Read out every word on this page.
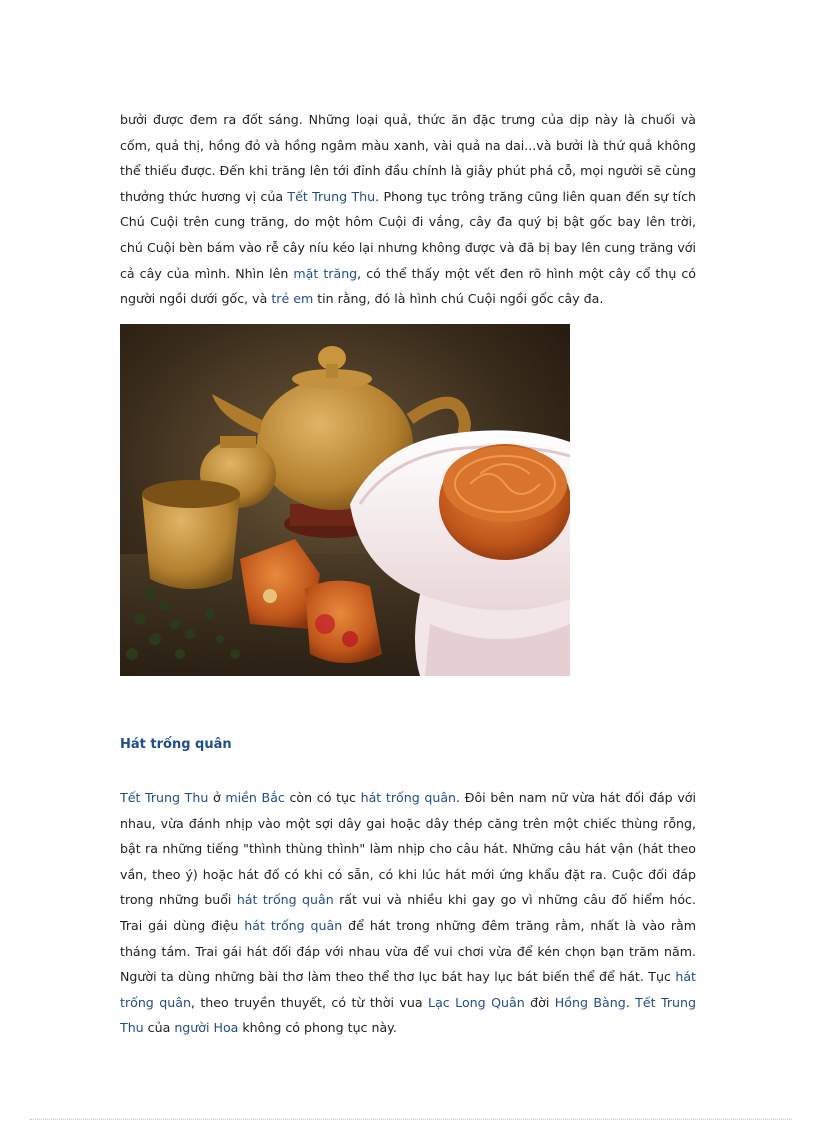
bưởi được đem ra đốt sáng. Những loại quả, thức ăn đặc trưng của dịp này là chuối và cốm, quả thị, hồng đỏ và hồng ngâm màu xanh, vài quả na dai...và bưởi là thứ quả không thể thiếu được. Đến khi trăng lên tới đỉnh đầu chính là giây phút phá cỗ, mọi người sẽ cùng thưởng thức hương vị của Tết Trung Thu. Phong tục trông trăng cũng liên quan đến sự tích Chú Cuội trên cung trăng, do một hôm Cuội đi vắng, cây đa quý bị bật gốc bay lên trời, chú Cuội bèn bám vào rễ cây níu kéo lại nhưng không được và đã bị bay lên cung trăng với cả cây của mình. Nhìn lên mặt trăng, có thể thấy một vết đen rõ hình một cây cổ thụ có người ngồi dưới gốc, và trẻ em tin rằng, đó là hình chú Cuội ngồi gốc cây đa.

Hát trống quân

Tết Trung Thu ở miền Bắc còn có tục hát trống quân. Đôi bên nam nữ vừa hát đối đáp với nhau, vừa đánh nhịp vào một sợi dây gai hoặc dây thép căng trên một chiếc thùng rỗng, bật ra những tiếng "thình thùng thình" làm nhịp cho câu hát. Những câu hát vận (hát theo vần, theo ý) hoặc hát đố có khi có sẵn, có khi lúc hát mới ứng khẩu đặt ra. Cuộc đối đáp trong những buổi hát trống quân rất vui và nhiều khi gay go vì những câu đố hiểm hóc. Trai gái dùng điệu hát trống quân để hát trong những đêm trăng rằm, nhất là vào rằm tháng tám. Trai gái hát đối đáp với nhau vừa để vui chơi vừa để kén chọn bạn trăm năm. Người ta dùng những bài thơ làm theo thể thơ lục bát hay lục bát biến thể để hát. Tục hát trống quân, theo truyền thuyết, có từ thời vua Lạc Long Quân đời Hồng Bàng. Tết Trung Thu của người Hoa không có phong tục này.
